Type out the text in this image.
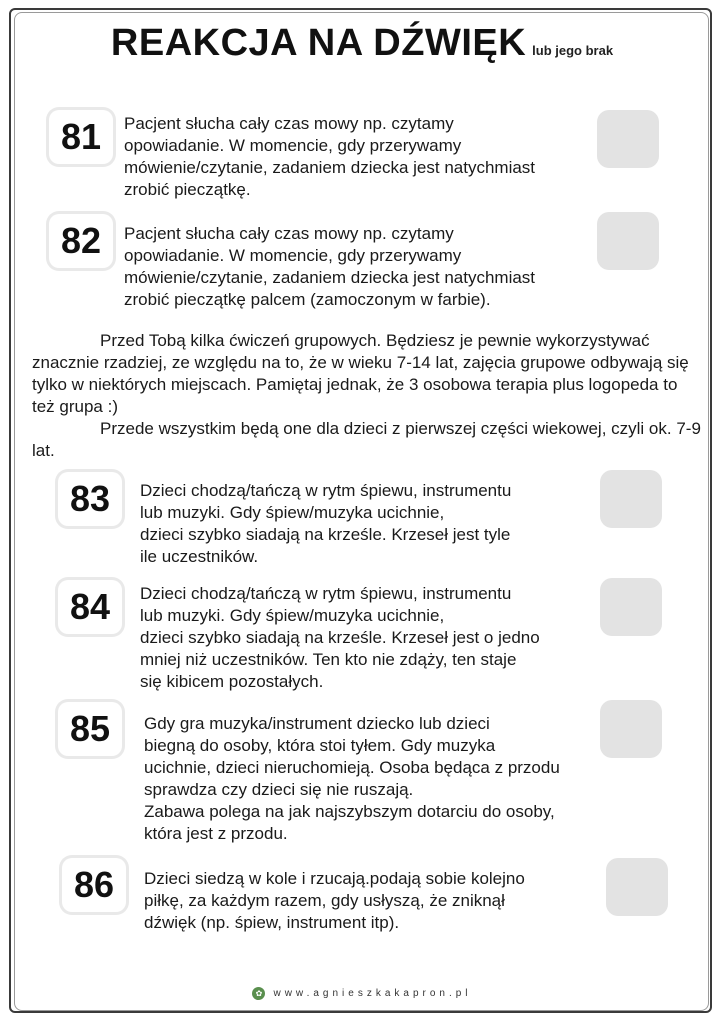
REAKCJA NA DŹWIĘK lub jego brak
81 Pacjent słucha cały czas mowy np. czytamy
opowiadanie. W momencie, gdy przerywamy
mówienie/czytanie, zadaniem dziecka jest natychmiast
zrobić pieczątkę.
82 Pacjent słucha cały czas mowy np. czytamy
opowiadanie. W momencie, gdy przerywamy
mówienie/czytanie, zadaniem dziecka jest natychmiast
zrobić pieczątkę palcem (zamoczonym w farbie).

Przed Tobą kilka ćwiczeń grupowych. Będziesz je pewnie wykorzystywać znacznie rzadziej, ze względu na to, że w wieku 7-14 lat, zajęcia grupowe odbywają się tylko w niektórych miejscach. Pamiętaj jednak, że 3 osobowa terapia plus logopeda to też grupa :)

Przede wszystkim będą one dla dzieci z pierwszej części wiekowej, czyli ok. 7-9 lat.

83 Dzieci chodzą/tańczą w rytm śpiewu, instrumentu
lub muzyki. Gdy śpiew/muzyka ucichnie,
dzieci szybko siadają na krześle. Krzeseł jest tyle
ile uczestników.
84 Dzieci chodzą/tańczą w rytm śpiewu, instrumentu
lub muzyki. Gdy śpiew/muzyka ucichnie,
dzieci szybko siadają na krześle. Krzeseł jest o jedno
mniej niż uczestników. Ten kto nie zdąży, ten staje
się kibicem pozostałych.
85 Gdy gra muzyka/instrument dziecko lub dzieci
biegną do osoby, która stoi tyłem. Gdy muzyka
ucichnie, dzieci nieruchomieją. Osoba będąca z przodu
sprawdza czy dzieci się nie ruszają.
Zabawa polega na jak najszybszym dotarciu do osoby,
która jest z przodu.
86 Dzieci siedzą w kole i rzucają.podają sobie kolejno
piłkę, za każdym razem, gdy usłyszą, że zniknął
dźwięk (np. śpiew, instrument itp).
✿	www.agnieszkakapron.pl
